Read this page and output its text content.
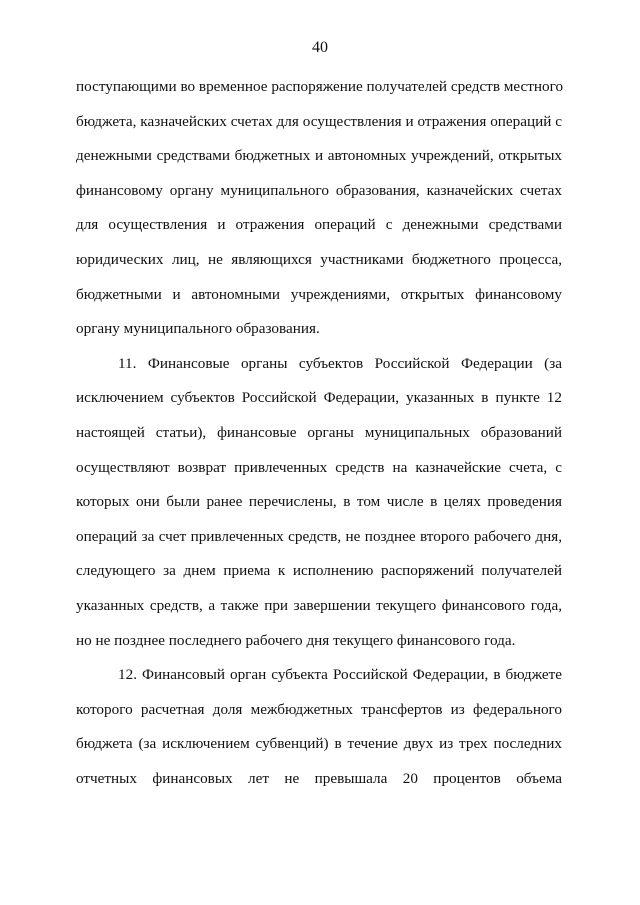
40
поступающими во временное распоряжение получателей средств местного
бюджета, казначейских счетах для осуществления и отражения операций с
денежными средствами бюджетных и автономных учреждений, открытых
финансовому органу муниципального образования, казначейских счетах
для осуществления и отражения операций с денежными средствами
юридических лиц, не являющихся участниками бюджетного процесса,
бюджетными и автономными учреждениями, открытых финансовому
органу муниципального образования.
11. Финансовые органы субъектов Российской Федерации (за
исключением субъектов Российской Федерации, указанных в пункте 12
настоящей статьи), финансовые органы муниципальных образований
осуществляют возврат привлеченных средств на казначейские счета, с
которых они были ранее перечислены, в том числе в целях проведения
операций за счет привлеченных средств, не позднее второго рабочего дня,
следующего за днем приема к исполнению распоряжений получателей
указанных средств, а также при завершении текущего финансового года,
но не позднее последнего рабочего дня текущего финансового года.
12. Финансовый орган субъекта Российской Федерации, в бюджете
которого расчетная доля межбюджетных трансфертов из федерального
бюджета (за исключением субвенций) в течение двух из трех последних
отчетных финансовых лет не превышала 20 процентов объема
